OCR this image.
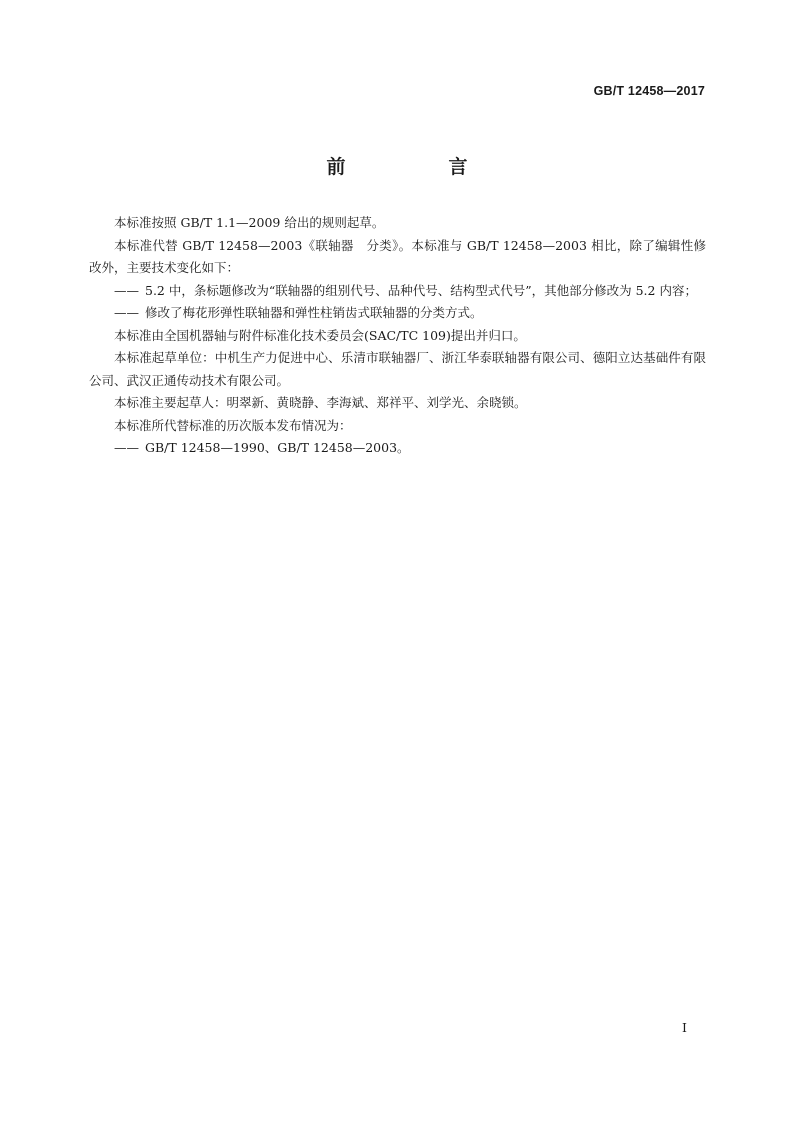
GB/T 12458—2017
前　言

本标准按照 GB/T 1.1—2009 给出的规则起草。

本标准代替 GB/T 12458—2003《联轴器　分类》。本标准与 GB/T 12458—2003 相比，除了编辑性修改外，主要技术变化如下：

—— 5.2 中，条标题修改为“联轴器的组别代号、品种代号、结构型式代号”，其他部分修改为 5.2 内容；

—— 修改了梅花形弹性联轴器和弹性柱销齿式联轴器的分类方式。

本标准由全国机器轴与附件标准化技术委员会(SAC/TC 109)提出并归口。

本标准起草单位：中机生产力促进中心、乐清市联轴器厂、浙江华泰联轴器有限公司、德阳立达基础件有限公司、武汉正通传动技术有限公司。

本标准主要起草人：明翠新、黄晓静、李海斌、郑祥平、刘学光、余晓锁。

本标准所代替标准的历次版本发布情况为：

—— GB/T 12458—1990、GB/T 12458—2003。

I
